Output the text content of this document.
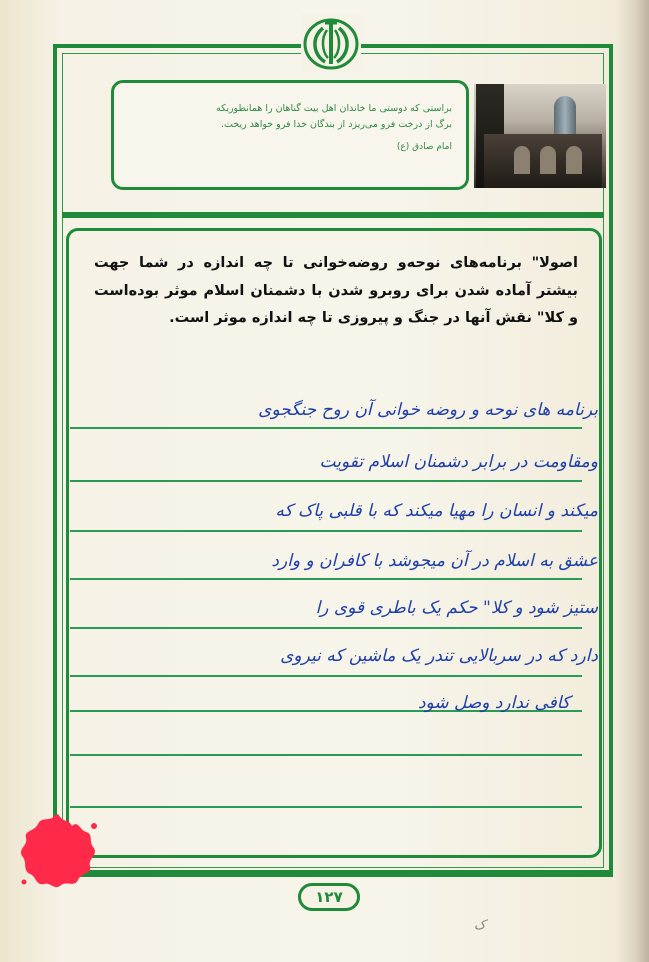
براستی که دوستی ما خاندان اهل بیت گناهان را همانطوریکه
برگ از درخت فرو می‌ریزد از بندگان خدا فرو خواهد ریخت.
امام صادق (ع)
اصولا" برنامه‌های نوحه‌و روضه‌خوانی تا چه اندازه در شما جهت بیشتر آماده شدن برای روبرو شدن با دشمنان اسلام موثر بوده‌است و کلا" نقش آنها در جنگ و پیروزی تا چه اندازه موثر است.
برنامه های نوحه و روضه خوانی آن روح جنگجوی
ومقاومت در برابر دشمنان اسلام تقویت
میکند و انسان را مهیا میکند که با قلبی پاک که
عشق به اسلام در آن میجوشد با کافران و وارد
ستیز شود و کلا" حکم یک باطری قوی را
دارد که در سربالایی تندر یک ماشین که نیروی
کافی ندارد وصل شود
۱۲۷
ک
